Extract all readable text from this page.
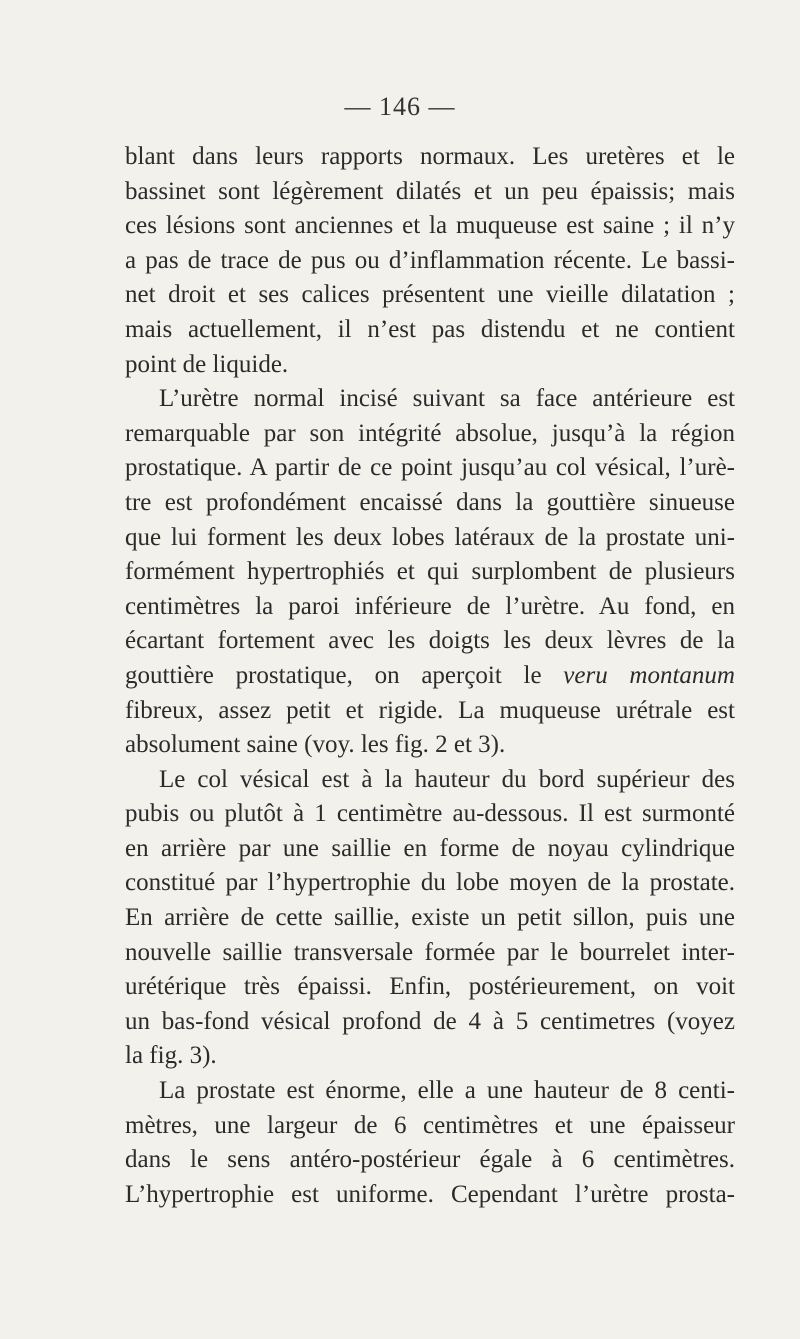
— 146 —
blant dans leurs rapports normaux. Les uretères et le
bassinet sont légèrement dilatés et un peu épaissis; mais
ces lésions sont anciennes et la muqueuse est saine ; il n’y
a pas de trace de pus ou d’inflammation récente. Le bassi-
net droit et ses calices présentent une vieille dilatation ;
mais actuellement, il n’est pas distendu et ne contient
point de liquide.
L’urètre normal incisé suivant sa face antérieure est
remarquable par son intégrité absolue, jusqu’à la région
prostatique. A partir de ce point jusqu’au col vésical, l’urè-
tre est profondément encaissé dans la gouttière sinueuse
que lui forment les deux lobes latéraux de la prostate uni-
formément hypertrophiés et qui surplombent de plusieurs
centimètres la paroi inférieure de l’urètre. Au fond, en
écartant fortement avec les doigts les deux lèvres de la
gouttière prostatique, on aperçoit le veru montanum
fibreux, assez petit et rigide. La muqueuse urétrale est
absolument saine (voy. les fig. 2 et 3).
Le col vésical est à la hauteur du bord supérieur des
pubis ou plutôt à 1 centimètre au-dessous. Il est surmonté
en arrière par une saillie en forme de noyau cylindrique
constitué par l’hypertrophie du lobe moyen de la prostate.
En arrière de cette saillie, existe un petit sillon, puis une
nouvelle saillie transversale formée par le bourrelet inter-
urétérique très épaissi. Enfin, postérieurement, on voit
un bas-fond vésical profond de 4 à 5 centimetres (voyez
la fig. 3).
La prostate est énorme, elle a une hauteur de 8 centi-
mètres, une largeur de 6 centimètres et une épaisseur
dans le sens antéro-postérieur égale à 6 centimètres.
L’hypertrophie est uniforme. Cependant l’urètre prosta-
